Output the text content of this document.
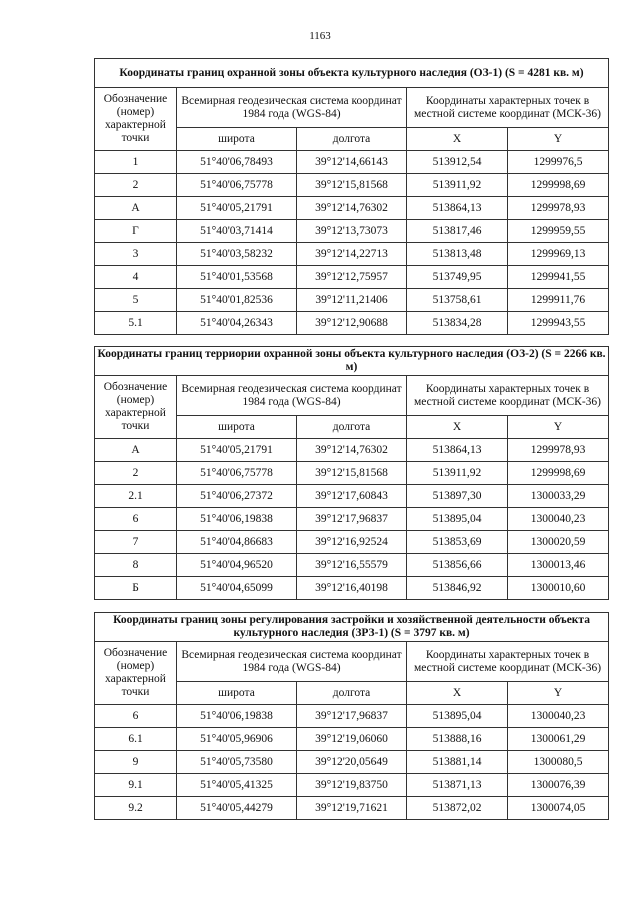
1163
Координаты границ охранной зоны объекта культурного наследия (ОЗ-1) (S = 4281 кв. м)				
Обозначение (номер) характерной точки	Всемирная геодезическая система координат 1984 года (WGS-84)		Координаты характерных точек в местной системе координат (МСК-36)	
	широта	долгота	X	Y
1	51°40'06,78493	39°12'14,66143	513912,54	1299976,5
2	51°40'06,75778	39°12'15,81568	513911,92	1299998,69
А	51°40'05,21791	39°12'14,76302	513864,13	1299978,93
Г	51°40'03,71414	39°12'13,73073	513817,46	1299959,55
3	51°40'03,58232	39°12'14,22713	513813,48	1299969,13
4	51°40'01,53568	39°12'12,75957	513749,95	1299941,55
5	51°40'01,82536	39°12'11,21406	513758,61	1299911,76
5.1	51°40'04,26343	39°12'12,90688	513834,28	1299943,55
Координаты границ терриории охранной зоны объекта культурного наследия (ОЗ-2) (S = 2266 кв. м)				
Обозначение (номер) характерной точки	Всемирная геодезическая система координат 1984 года (WGS-84)		Координаты характерных точек в местной системе координат (МСК-36)	
	широта	долгота	X	Y
А	51°40'05,21791	39°12'14,76302	513864,13	1299978,93
2	51°40'06,75778	39°12'15,81568	513911,92	1299998,69
2.1	51°40'06,27372	39°12'17,60843	513897,30	1300033,29
6	51°40'06,19838	39°12'17,96837	513895,04	1300040,23
7	51°40'04,86683	39°12'16,92524	513853,69	1300020,59
8	51°40'04,96520	39°12'16,55579	513856,66	1300013,46
Б	51°40'04,65099	39°12'16,40198	513846,92	1300010,60
Координаты границ зоны регулирования застройки и хозяйственной деятельности объекта культурного наследия (ЗРЗ-1) (S = 3797 кв. м)				
Обозначение (номер) характерной точки	Всемирная геодезическая система координат 1984 года (WGS-84)		Координаты характерных точек в местной системе координат (МСК-36)	
	широта	долгота	X	Y
6	51°40'06,19838	39°12'17,96837	513895,04	1300040,23
6.1	51°40'05,96906	39°12'19,06060	513888,16	1300061,29
9	51°40'05,73580	39°12'20,05649	513881,14	1300080,5
9.1	51°40'05,41325	39°12'19,83750	513871,13	1300076,39
9.2	51°40'05,44279	39°12'19,71621	513872,02	1300074,05
